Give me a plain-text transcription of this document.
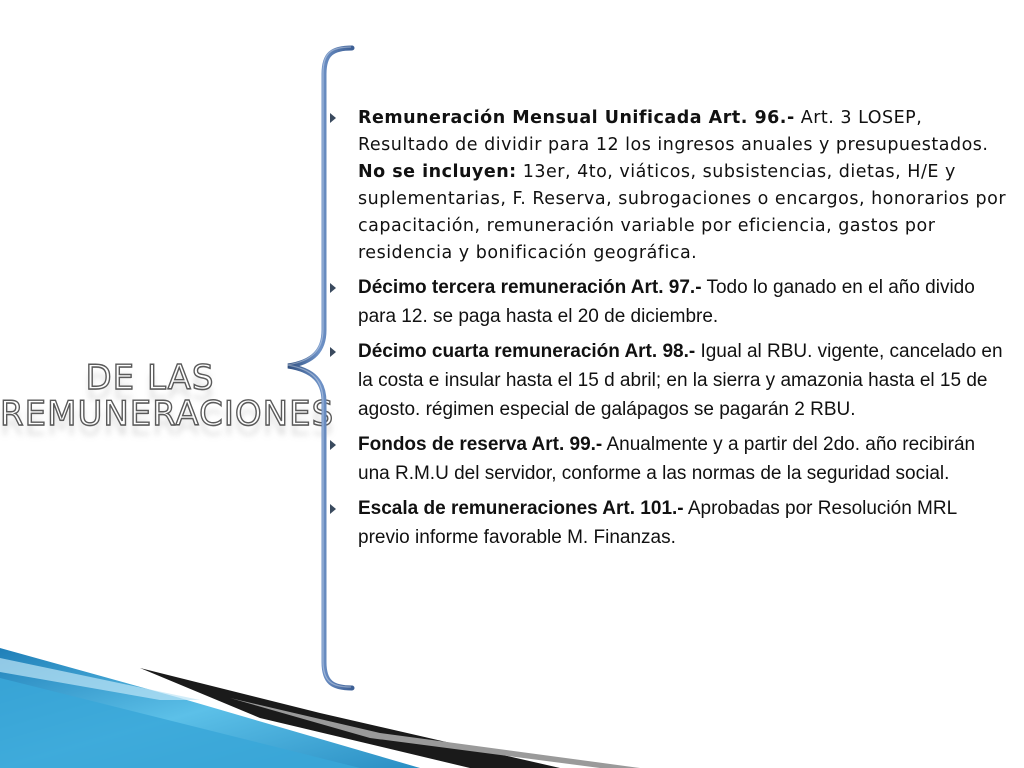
DE LAS
REMUNERACIONES
Remuneración Mensual Unificada Art. 96.- Art. 3 LOSEP, Resultado de dividir para 12 los ingresos anuales y presupuestados. No se incluyen: 13er, 4to, viáticos, subsistencias, dietas, H/E y suplementarias, F. Reserva, subrogaciones o encargos, honorarios por capacitación, remuneración variable por eficiencia, gastos por residencia y bonificación geográfica.
Décimo tercera remuneración Art. 97.- Todo lo ganado en el año divido para 12. se paga hasta el 20 de diciembre.
Décimo cuarta remuneración Art. 98.- Igual al RBU. vigente, cancelado en la costa e insular hasta el 15 d abril; en la sierra y amazonia hasta el 15 de agosto. régimen especial de galápagos se pagarán 2 RBU.
Fondos de reserva Art. 99.- Anualmente y a partir del 2do. año recibirán una R.M.U del servidor, conforme a las normas de la seguridad social.
Escala de remuneraciones Art. 101.- Aprobadas por Resolución MRL previo informe favorable M. Finanzas.
